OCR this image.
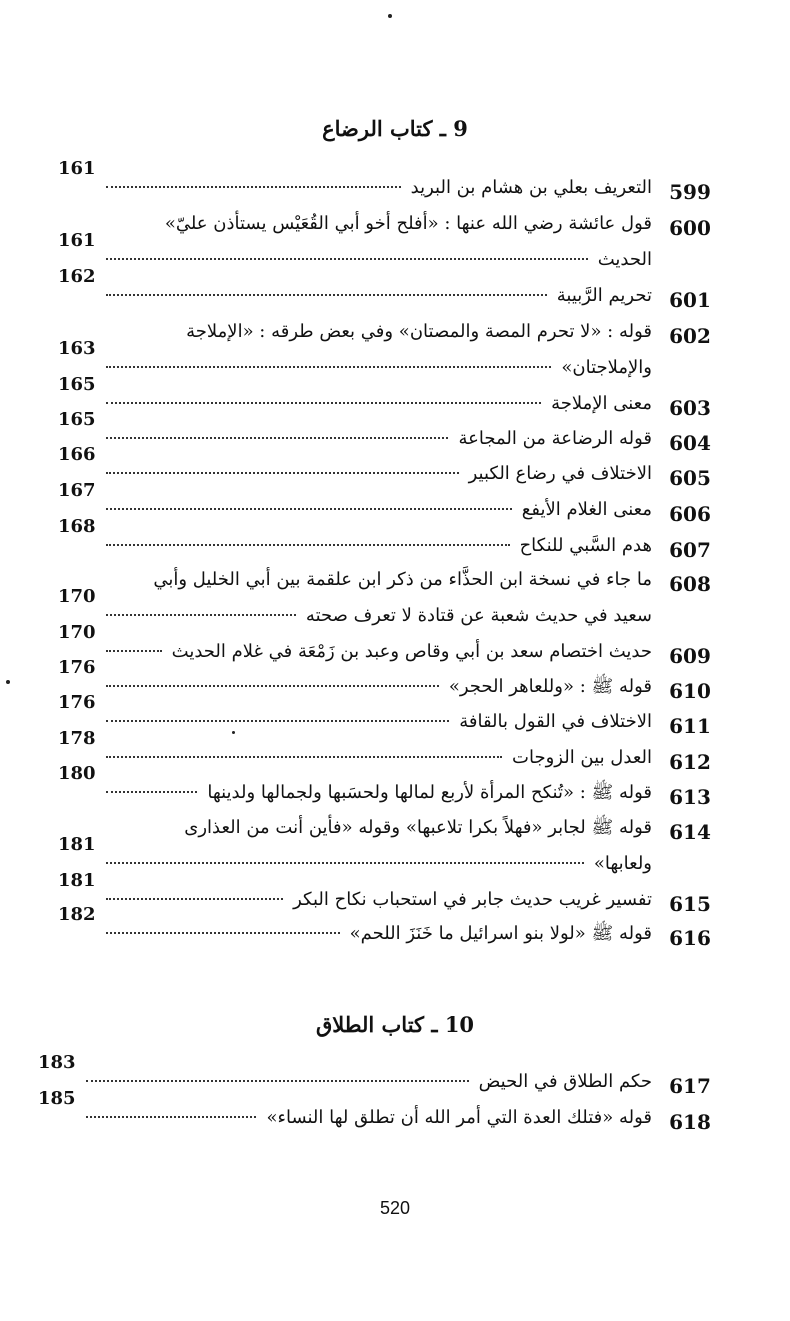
9 ـ كتاب الرضاع
599
التعريف بعلي بن هشام بن البريد
161
600
قول عائشة رضي الله عنها : «أفلح أخو أبي القُعَيْس يستأذن عليّ»
الحديث
161
601
تحريم الرَّبيبة
162
602
قوله : «لا تحرم المصة والمصتان» وفي بعض طرقه : «الإملاجة
والإملاجتان»
163
603
معنى الإملاجة
165
604
قوله الرضاعة من المجاعة
165
605
الاختلاف في رضاع الكبير
166
606
معنى الغلام الأيفع
167
607
هدم السَّبي للنكاح
168
608
ما جاء في نسخة ابن الحذَّاء من ذكر ابن علقمة بين أبي الخليل وأبي
سعيد في حديث شعبة عن قتادة لا تعرف صحته
170
609
حديث اختصام سعد بن أبي وقاص وعبد بن زَمْعَة في غلام الحديث
170
610
قوله ﷺ : «وللعاهر الحجر»
176
611
الاختلاف في القول بالقافة
176
612
العدل بين الزوجات
178
613
قوله ﷺ : «تُنكح المرأة لأربع لمالها ولحسَبها ولجمالها ولدينها
180
614
قوله ﷺ لجابر «فهلاً بكرا تلاعبها» وقوله «فأين أنت من العذارى
ولعابها»
181
615
تفسير غريب حديث جابر في استحباب نكاح البكر
181
616
قوله ﷺ «لولا بنو اسرائيل ما خَنَزَ اللحم»
182
10 ـ كتاب الطلاق
617
حكم الطلاق في الحيض
183
618
قوله «فتلك العدة التي أمر الله أن تطلق لها النساء»
185
520
